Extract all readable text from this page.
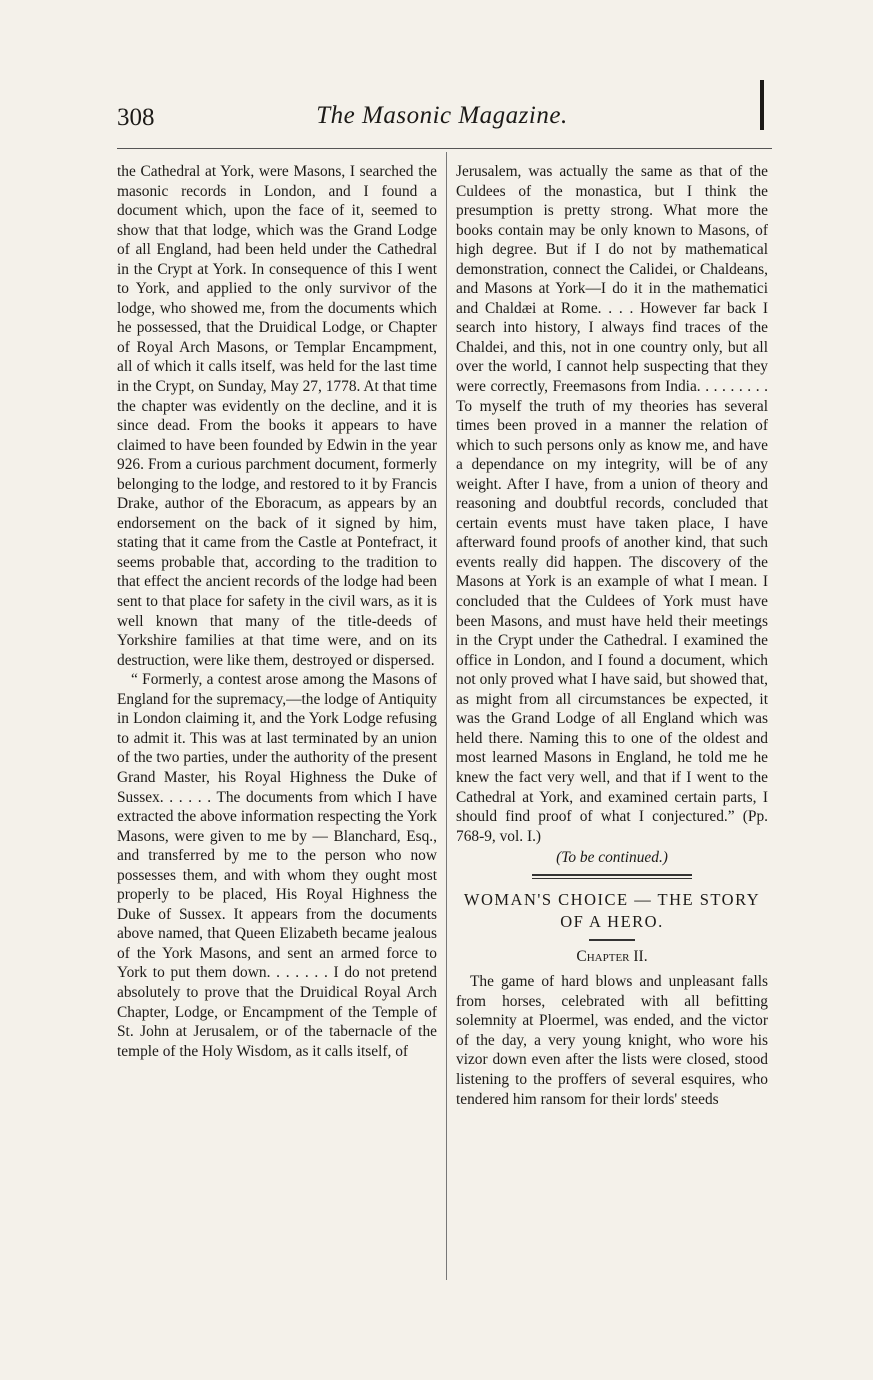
308	The Masonic Magazine.

the Cathedral at York, were Masons, I searched the masonic records in London, and I found a document which, upon the face of it, seemed to show that that lodge, which was the Grand Lodge of all England, had been held under the Cathedral in the Crypt at York. In consequence of this I went to York, and applied to the only survivor of the lodge, who showed me, from the documents which he possessed, that the Druidical Lodge, or Chapter of Royal Arch Masons, or Templar Encampment, all of which it calls itself, was held for the last time in the Crypt, on Sunday, May 27, 1778. At that time the chapter was evidently on the decline, and it is since dead. From the books it appears to have claimed to have been founded by Edwin in the year 926. From a curious parchment document, formerly belonging to the lodge, and restored to it by Francis Drake, author of the Eboracum, as appears by an endorsement on the back of it signed by him, stating that it came from the Castle at Pontefract, it seems probable that, according to the tradition to that effect the ancient records of the lodge had been sent to that place for safety in the civil wars, as it is well known that many of the title-deeds of Yorkshire families at that time were, and on its destruction, were like them, destroyed or dispersed.

“ Formerly, a contest arose among the Masons of England for the supremacy,—the lodge of Antiquity in London claiming it, and the York Lodge refusing to admit it. This was at last terminated by an union of the two parties, under the authority of the present Grand Master, his Royal Highness the Duke of Sussex. . . . . . The documents from which I have extracted the above information respecting the York Masons, were given to me by — Blanchard, Esq., and transferred by me to the person who now possesses them, and with whom they ought most properly to be placed, His Royal Highness the Duke of Sussex. It appears from the documents above named, that Queen Elizabeth became jealous of the York Masons, and sent an armed force to York to put them down. . . . . . . I do not pretend absolutely to prove that the Druidical Royal Arch Chapter, Lodge, or Encampment of the Temple of St. John at Jerusalem, or of the tabernacle of the temple of the Holy Wisdom, as it calls itself, of

Jerusalem, was actually the same as that of the Culdees of the monastica, but I think the presumption is pretty strong. What more the books contain may be only known to Masons, of high degree. But if I do not by mathematical demonstration, connect the Calidei, or Chaldeans, and Masons at York—I do it in the mathematici and Chaldæi at Rome. . . . However far back I search into history, I always find traces of the Chaldei, and this, not in one country only, but all over the world, I cannot help suspecting that they were correctly, Freemasons from India. . . . . . . . . To myself the truth of my theories has several times been proved in a manner the relation of which to such persons only as know me, and have a dependance on my integrity, will be of any weight. After I have, from a union of theory and reasoning and doubtful records, concluded that certain events must have taken place, I have afterward found proofs of another kind, that such events really did happen. The discovery of the Masons at York is an example of what I mean. I concluded that the Culdees of York must have been Masons, and must have held their meetings in the Crypt under the Cathedral. I examined the office in London, and I found a document, which not only proved what I have said, but showed that, as might from all circumstances be expected, it was the Grand Lodge of all England which was held there. Naming this to one of the oldest and most learned Masons in England, he told me he knew the fact very well, and that if I went to the Cathedral at York, and examined certain parts, I should find proof of what I conjectured.” (Pp. 768-9, vol. I.)

(To be continued.)

WOMAN'S CHOICE — THE STORY
OF A HERO.
Chapter II.

The game of hard blows and unpleasant falls from horses, celebrated with all befitting solemnity at Ploermel, was ended, and the victor of the day, a very young knight, who wore his vizor down even after the lists were closed, stood listening to the proffers of several esquires, who tendered him ransom for their lords' steeds
